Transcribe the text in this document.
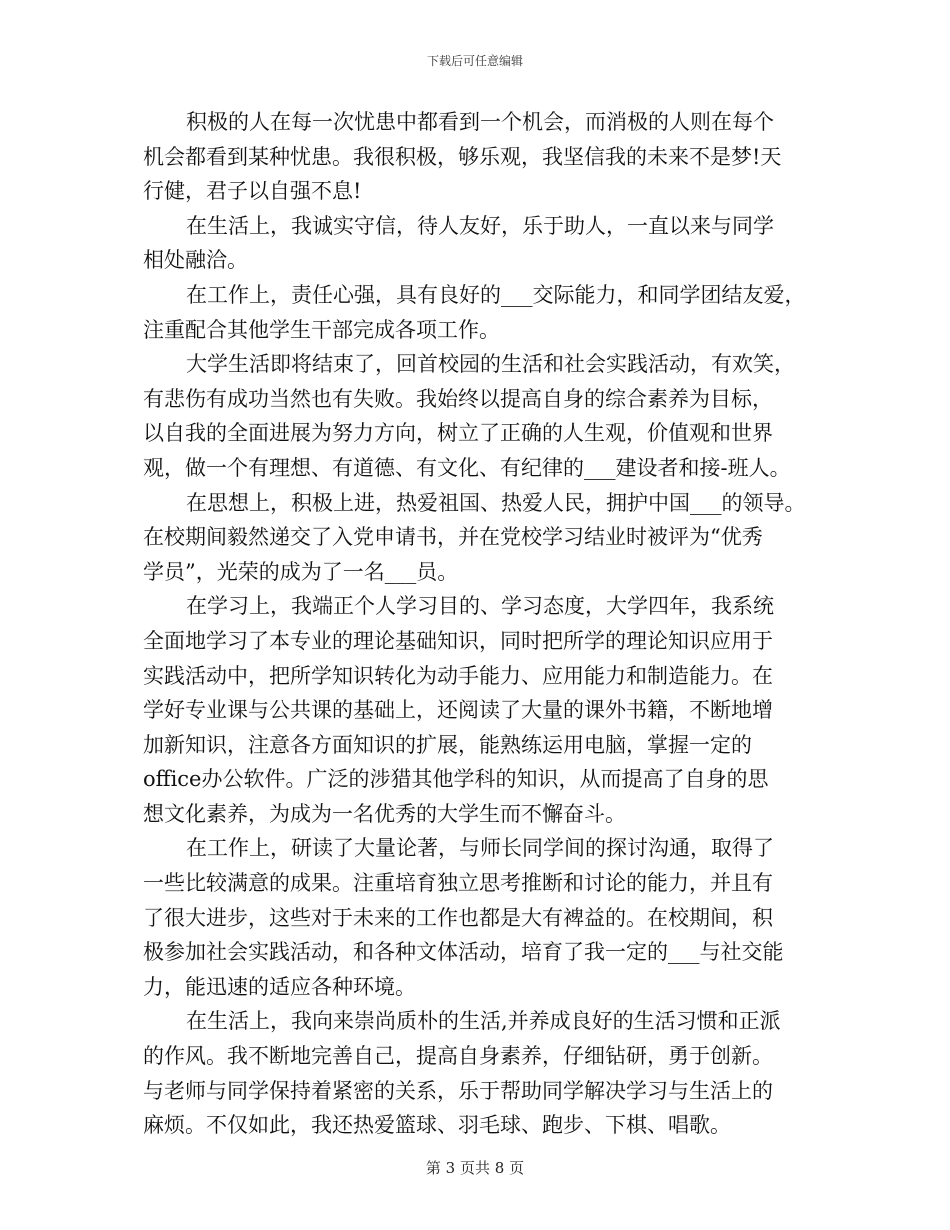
下载后可任意编辑
积极的人在每一次忧患中都看到一个机会，而消极的人则在每个
机会都看到某种忧患。我很积极，够乐观，我坚信我的未来不是梦!天
行健，君子以自强不息!
在生活上，我诚实守信，待人友好，乐于助人，一直以来与同学
相处融洽。
在工作上，责任心强，具有良好的___交际能力，和同学团结友爱，
注重配合其他学生干部完成各项工作。
大学生活即将结束了，回首校园的生活和社会实践活动，有欢笑，
有悲伤有成功当然也有失败。我始终以提高自身的综合素养为目标，
以自我的全面进展为努力方向，树立了正确的人生观，价值观和世界
观，做一个有理想、有道德、有文化、有纪律的___建设者和接-班人。
在思想上，积极上进，热爱祖国、热爱人民，拥护中国___的领导。
在校期间毅然递交了入党申请书，并在党校学习结业时被评为“优秀
学员”，光荣的成为了一名___员。
在学习上，我端正个人学习目的、学习态度，大学四年，我系统
全面地学习了本专业的理论基础知识，同时把所学的理论知识应用于
实践活动中，把所学知识转化为动手能力、应用能力和制造能力。在
学好专业课与公共课的基础上，还阅读了大量的课外书籍，不断地增
加新知识，注意各方面知识的扩展，能熟练运用电脑，掌握一定的
office办公软件。广泛的涉猎其他学科的知识，从而提高了自身的思
想文化素养，为成为一名优秀的大学生而不懈奋斗。
在工作上，研读了大量论著，与师长同学间的探讨沟通，取得了
一些比较满意的成果。注重培育独立思考推断和讨论的能力，并且有
了很大进步，这些对于未来的工作也都是大有裨益的。在校期间，积
极参加社会实践活动，和各种文体活动，培育了我一定的___与社交能
力，能迅速的适应各种环境。
在生活上，我向来崇尚质朴的生活,并养成良好的生活习惯和正派
的作风。我不断地完善自己，提高自身素养，仔细钻研，勇于创新。
与老师与同学保持着紧密的关系，乐于帮助同学解决学习与生活上的
麻烦。不仅如此，我还热爱篮球、羽毛球、跑步、下棋、唱歌。
第 3 页共 8 页
